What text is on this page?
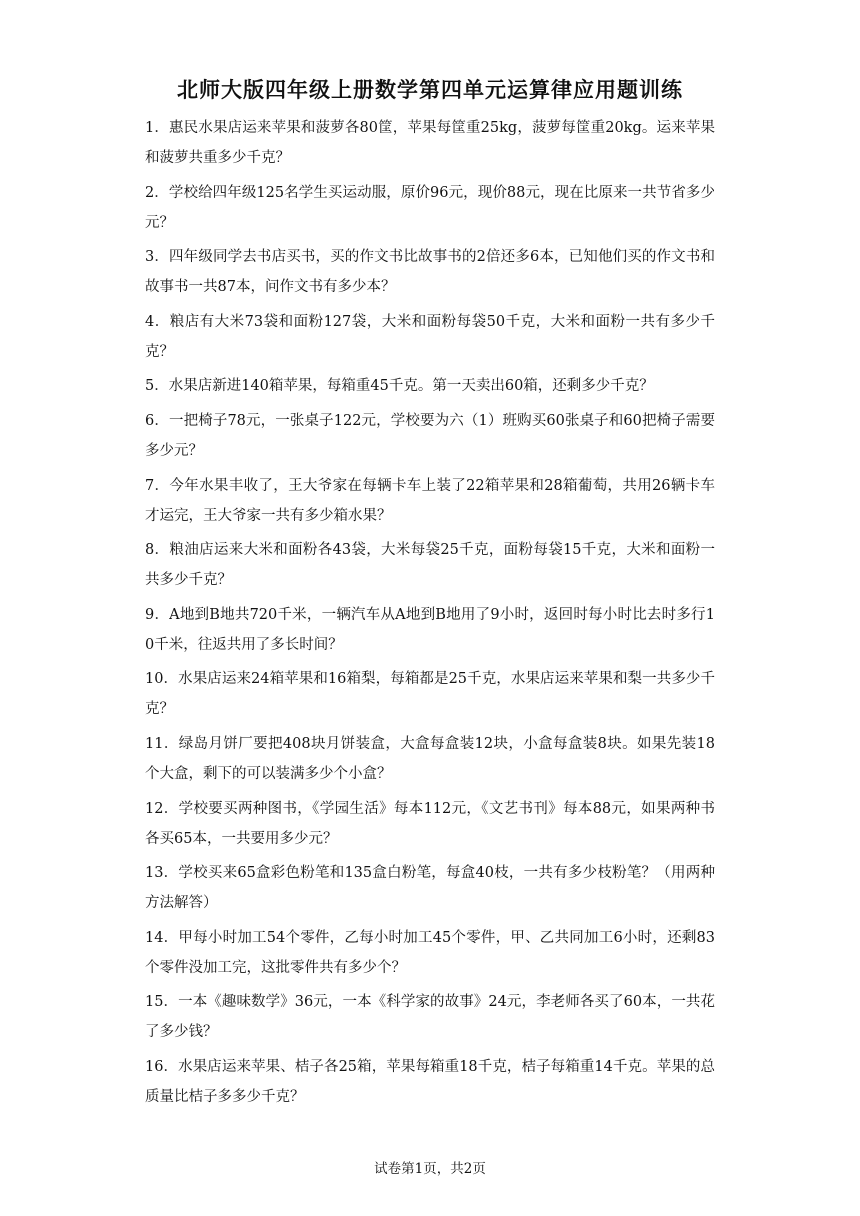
北师大版四年级上册数学第四单元运算律应用题训练
1．惠民水果店运来苹果和菠萝各80筐，苹果每筐重25kg，菠萝每筐重20kg。运来苹果和菠萝共重多少千克？
2．学校给四年级125名学生买运动服，原价96元，现价88元，现在比原来一共节省多少元？
3．四年级同学去书店买书，买的作文书比故事书的2倍还多6本，已知他们买的作文书和故事书一共87本，问作文书有多少本？
4．粮店有大米73袋和面粉127袋，大米和面粉每袋50千克，大米和面粉一共有多少千克？
5．水果店新进140箱苹果，每箱重45千克。第一天卖出60箱，还剩多少千克？
6．一把椅子78元，一张桌子122元，学校要为六（1）班购买60张桌子和60把椅子需要多少元？
7．今年水果丰收了，王大爷家在每辆卡车上装了22箱苹果和28箱葡萄，共用26辆卡车才运完，王大爷家一共有多少箱水果？
8．粮油店运来大米和面粉各43袋，大米每袋25千克，面粉每袋15千克，大米和面粉一共多少千克？
9．A地到B地共720千米，一辆汽车从A地到B地用了9小时，返回时每小时比去时多行10千米，往返共用了多长时间？
10．水果店运来24箱苹果和16箱梨，每箱都是25千克，水果店运来苹果和梨一共多少千克？
11．绿岛月饼厂要把408块月饼装盒，大盒每盒装12块，小盒每盒装8块。如果先装18个大盒，剩下的可以装满多少个小盒？
12．学校要买两种图书，《学园生活》每本112元，《文艺书刊》每本88元，如果两种书各买65本，一共要用多少元？
13．学校买来65盒彩色粉笔和135盒白粉笔，每盒40枝，一共有多少枝粉笔？（用两种方法解答）
14．甲每小时加工54个零件，乙每小时加工45个零件，甲、乙共同加工6小时，还剩83个零件没加工完，这批零件共有多少个？
15．一本《趣味数学》36元，一本《科学家的故事》24元，李老师各买了60本，一共花了多少钱？
16．水果店运来苹果、桔子各25箱，苹果每箱重18千克，桔子每箱重14千克。苹果的总质量比桔子多多少千克？
试卷第1页，共2页
